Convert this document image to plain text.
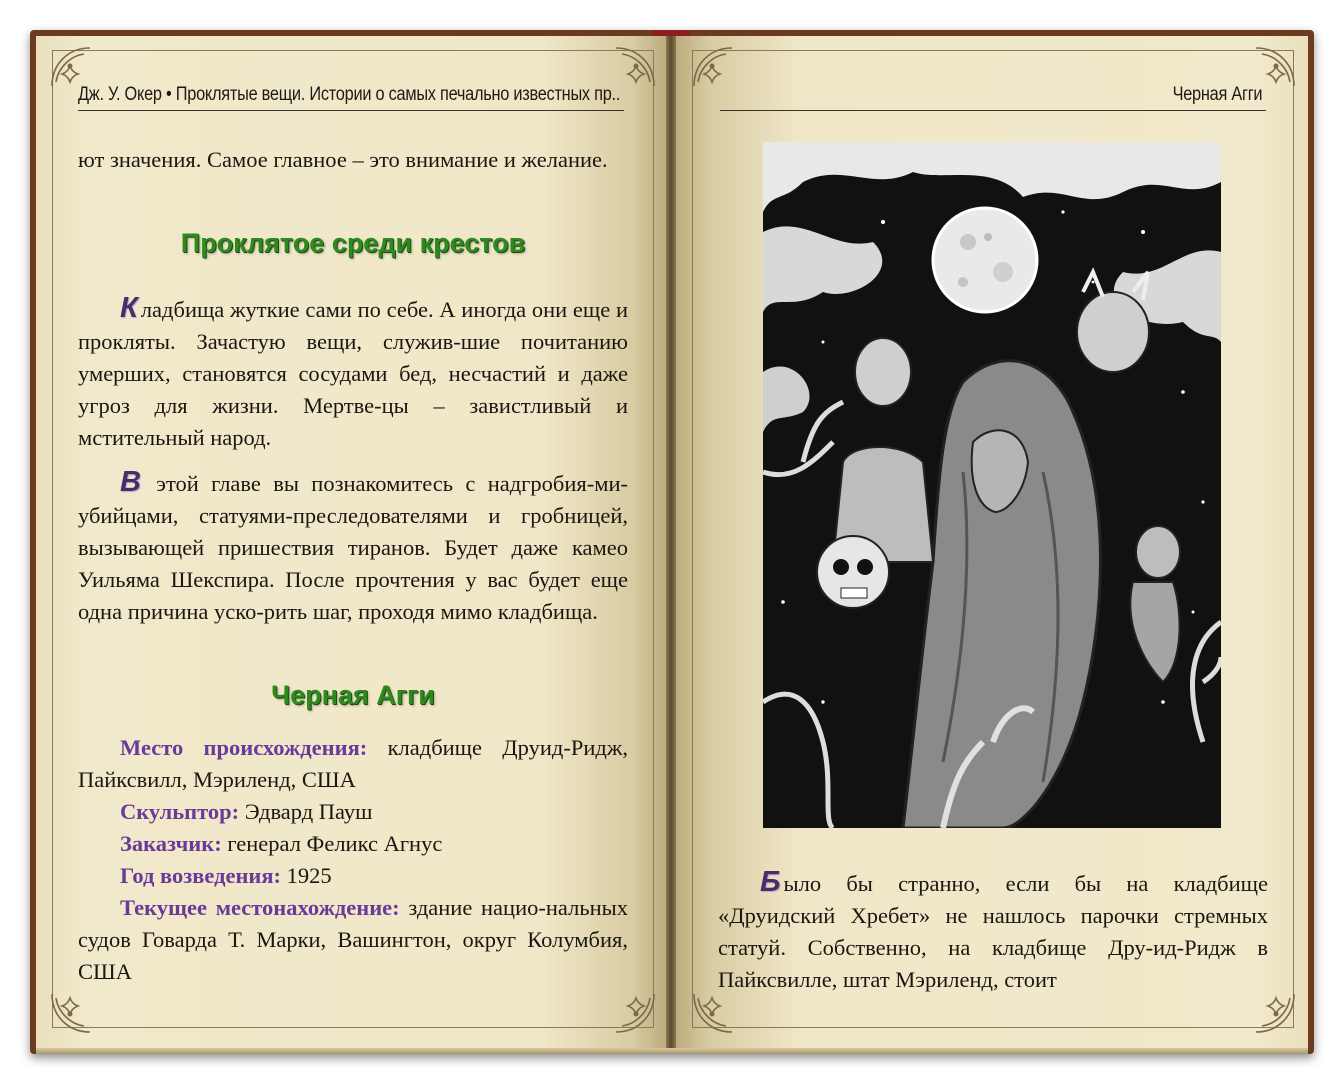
Дж. У. Окер • Проклятые вещи. Истории о самых печально известных пр..

ют значения. Самое главное – это внимание и желание.

Проклятое среди крестов

К ладбища жуткие сами по себе. А иногда они еще и прокляты. Зачастую вещи, служив-шие почитанию умерших, становятся сосудами бед, несчастий и даже угроз для жизни. Мертве-цы – завистливый и мстительный народ.

В этой главе вы познакомитесь с надгробия-ми-убийцами, статуями-преследователями и гробницей, вызывающей пришествия тиранов. Будет даже камео Уильяма Шекспира. После прочтения у вас будет еще одна причина уско-рить шаг, проходя мимо кладбища.

Черная Агги

Место происхождения: кладбище Друид-Ридж, Пайксвилл, Мэриленд, США

Скульптор: Эдвард Пауш

Заказчик: генерал Феликс Агнус

Год возведения: 1925

Текущее местонахождение: здание нацио-нальных судов Говарда Т. Марки, Вашингтон, округ Колумбия, США

Черная Агги

Б ыло бы странно, если бы на кладбище «Друидский Хребет» не нашлось парочки стремных статуй. Собственно, на кладбище Дру-ид-Ридж в Пайксвилле, штат Мэриленд, стоит
